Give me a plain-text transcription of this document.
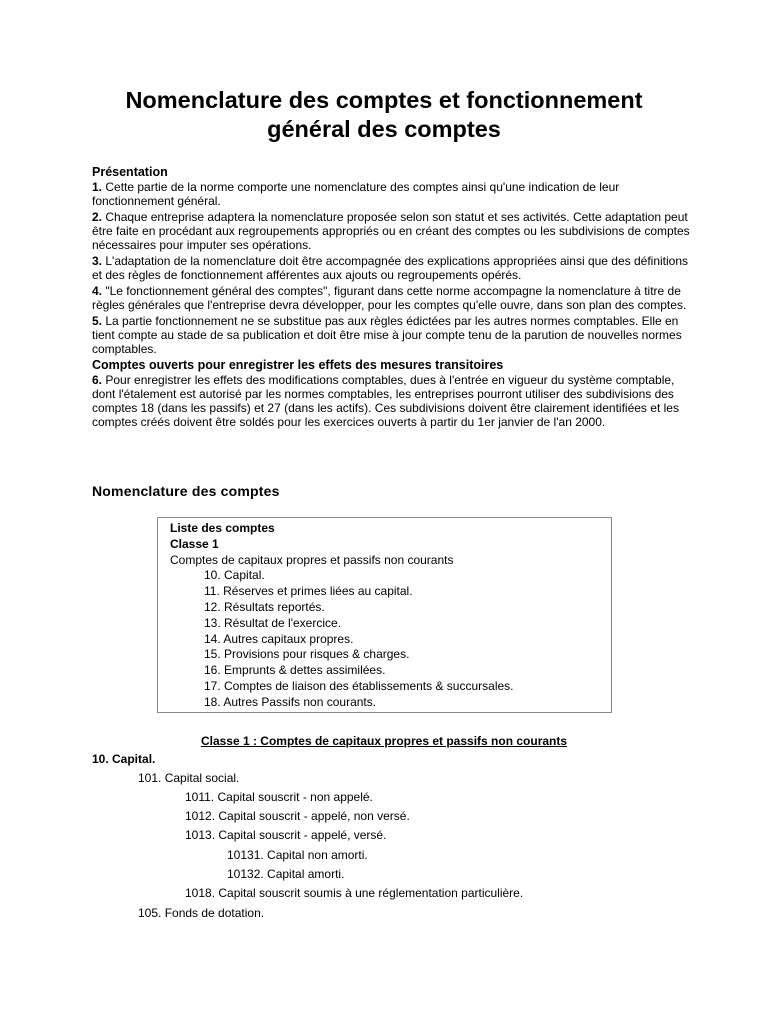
Nomenclature des comptes et fonctionnement
général des comptes
Présentation

1. Cette partie de la norme comporte une nomenclature des comptes ainsi qu'une indication de leur fonctionnement général.

2. Chaque entreprise adaptera la nomenclature proposée selon son statut et ses activités. Cette adaptation peut être faite en procédant aux regroupements appropriés ou en créant des comptes ou les subdivisions de comptes nécessaires pour imputer ses opérations.

3. L'adaptation de la nomenclature doit être accompagnée des explications appropriées ainsi que des définitions et des règles de fonctionnement afférentes aux ajouts ou regroupements opérés.

4. "Le fonctionnement général des comptes", figurant dans cette norme accompagne la nomenclature à titre de règles générales que l'entreprise devra développer, pour les comptes qu'elle ouvre, dans son plan des comptes.

5. La partie fonctionnement ne se substitue pas aux règles édictées par les autres normes comptables. Elle en tient compte au stade de sa publication et doit être mise à jour compte tenu de la parution de nouvelles normes comptables.

Comptes ouverts pour enregistrer les effets des mesures transitoires

6. Pour enregistrer les effets des modifications comptables, dues à l'entrée en vigueur du système comptable, dont l'étalement est autorisé par les normes comptables, les entreprises pourront utiliser des subdivisions des comptes 18 (dans les passifs) et 27 (dans les actifs). Ces subdivisions doivent être clairement identifiées et les comptes créés doivent être soldés pour les exercices ouverts à partir du 1er janvier de l'an 2000.

Nomenclature des comptes
Liste des comptes
Classe 1
Comptes de capitaux propres et passifs non courants
10. Capital.
11. Réserves et primes liées au capital.
12. Résultats reportés.
13. Résultat de l'exercice.
14. Autres capitaux propres.
15. Provisions pour risques & charges.
16. Emprunts & dettes assimilées.
17. Comptes de liaison des établissements & succursales.
18. Autres Passifs non courants.
Classe 1 : Comptes de capitaux propres et passifs non courants
10. Capital.
101. Capital social.
1011. Capital souscrit - non appelé.
1012. Capital souscrit - appelé, non versé.
1013. Capital souscrit - appelé, versé.
10131. Capital non amorti.
10132. Capital amorti.
1018. Capital souscrit soumis à une réglementation particulière.
105. Fonds de dotation.
